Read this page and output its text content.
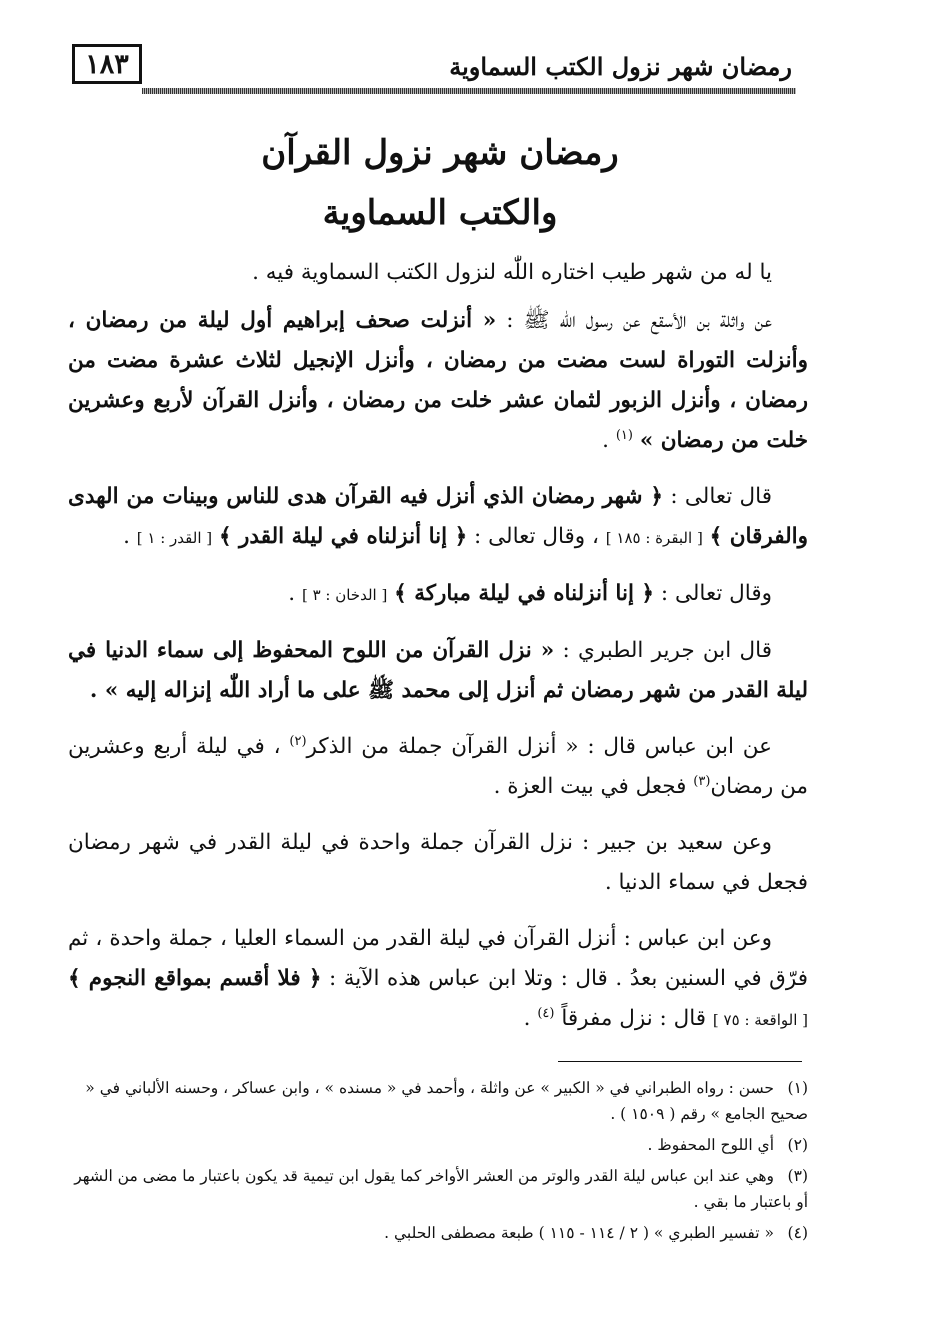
١٨٣	رمضان شهر نزول الكتب السماوية
رمضان شهر نزول القرآن
والكتب السماوية

يا له من شهر طيب اختاره اللّٰه لنزول الكتب السماوية فيه .

عن واثلة بن الأسقع عن رسول اللّٰه ﷺ : « أنزلت صحف إبراهيم أول ليلة من رمضان ، وأنزلت التوراة لست مضت من رمضان ، وأنزل الإنجيل لثلاث عشرة مضت من رمضان ، وأنزل الزبور لثمان عشر خلت من رمضان ، وأنزل القرآن لأربع وعشرين خلت من رمضان » $^{(١)}$ .

قال تعالى : ﴿ شهر رمضان الذي أنزل فيه القرآن هدى للناس وبينات من الهدى والفرقان ﴾ [ البقرة : ١٨٥ ] ، وقال تعالى : ﴿ إنا أنزلناه في ليلة القدر ﴾ [ القدر : ١ ] .

وقال تعالى : ﴿ إنا أنزلناه في ليلة مباركة ﴾ [ الدخان : ٣ ] .

قال ابن جرير الطبري : « نزل القرآن من اللوح المحفوظ إلى سماء الدنيا في ليلة القدر من شهر رمضان ثم أنزل إلى محمد ﷺ على ما أراد اللّٰه إنزاله إليه » .

عن ابن عباس قال : « أنزل القرآن جملة من الذكر$^{(٢)}$ ، في ليلة أربع وعشرين من رمضان$^{(٣)}$ فجعل في بيت العزة .

وعن سعيد بن جبير : نزل القرآن جملة واحدة في ليلة القدر في شهر رمضان فجعل في سماء الدنيا .

وعن ابن عباس : أنزل القرآن في ليلة القدر من السماء العليا ، جملة واحدة ، ثم فرّق في السنين بعدُ . قال : وتلا ابن عباس هذه الآية : ﴿ فلا أقسم بمواقع النجوم ﴾ [ الواقعة : ٧٥ ] قال : نزل مفرقاً $^{(٤)}$ .

(١)حسن : رواه الطبراني في « الكبير » عن واثلة ، وأحمد في « مسنده » ، وابن عساكر ، وحسنه الألباني في « صحيح الجامع » رقم ( ١٥٠٩ ) .

(٢)أي اللوح المحفوظ .

(٣)وهي عند ابن عباس ليلة القدر والوتر من العشر الأواخر كما يقول ابن تيمية قد يكون باعتبار ما مضى من الشهر أو باعتبار ما بقي .

(٤)« تفسير الطبري » ( ٢ / ١١٤ - ١١٥ ) طبعة مصطفى الحلبي .
